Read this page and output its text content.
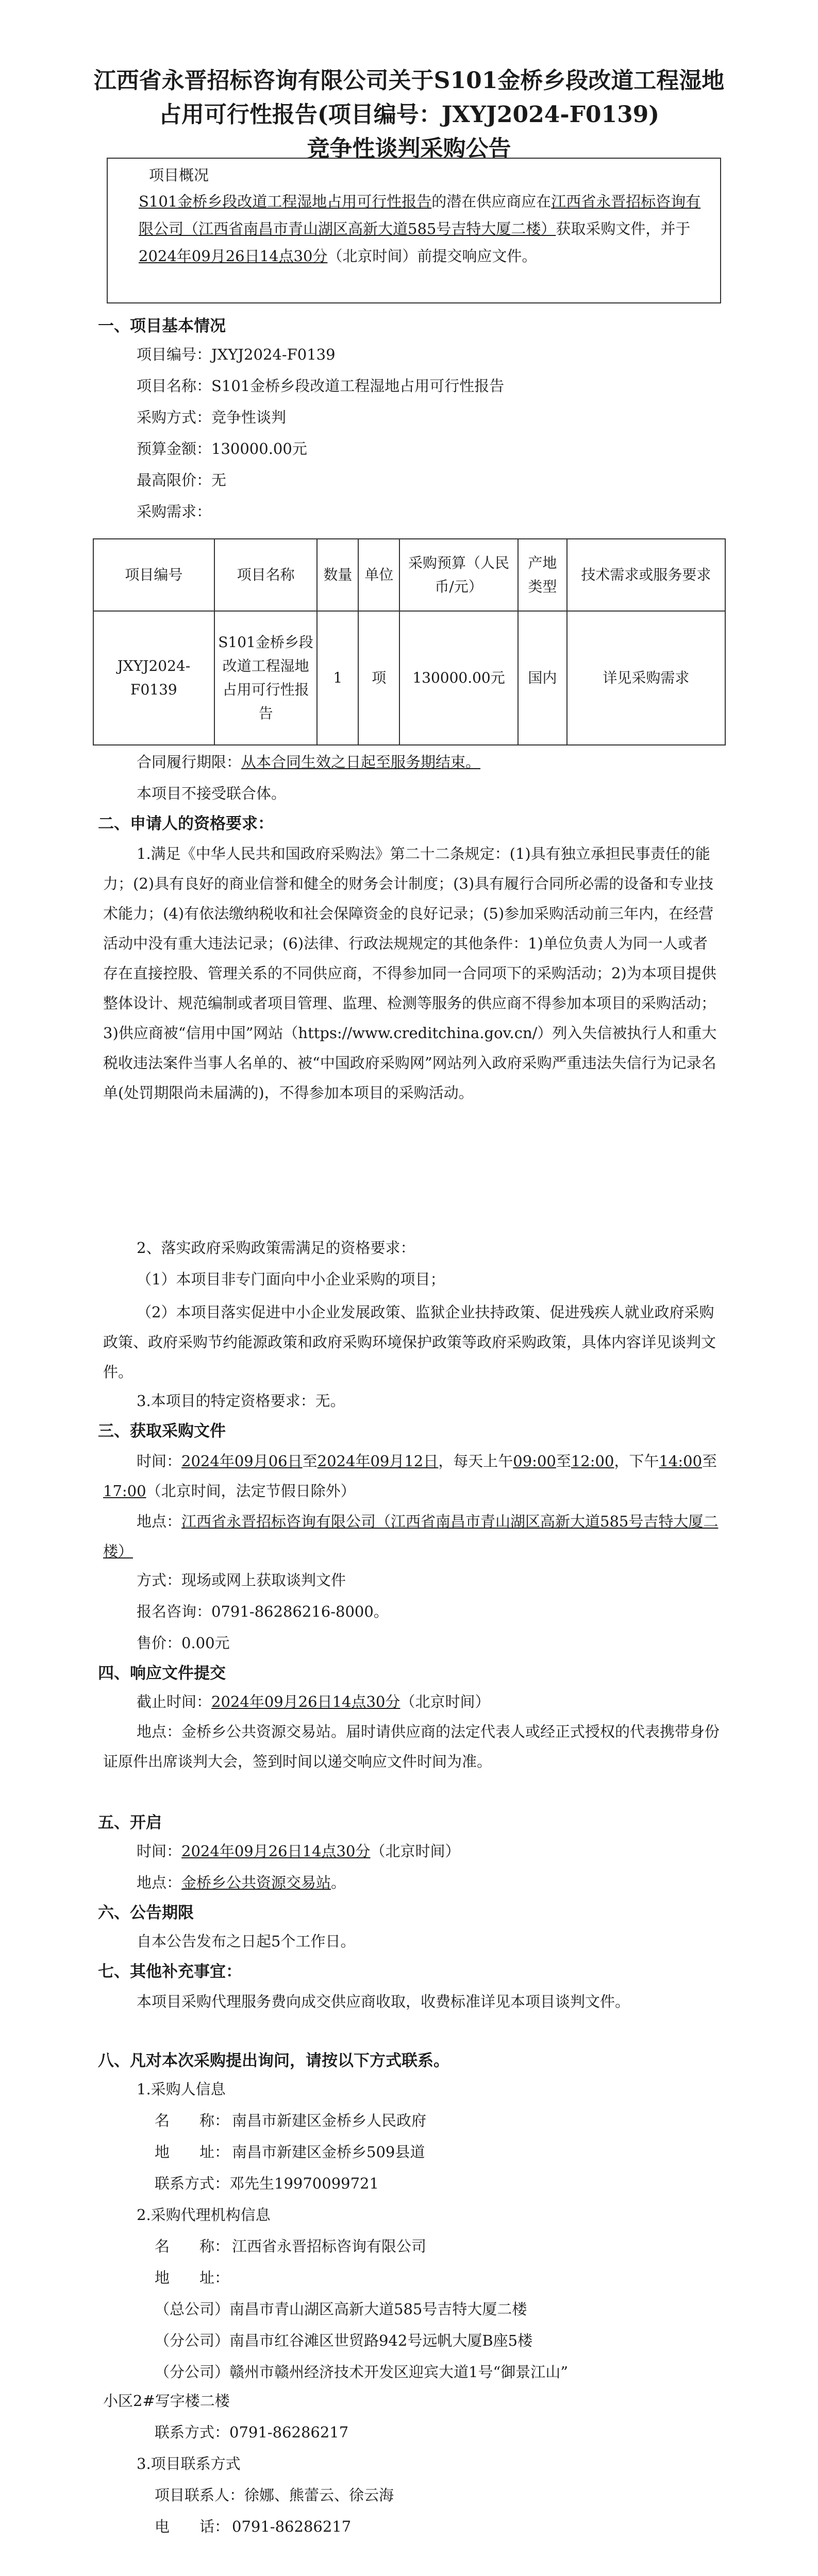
江西省永晋招标咨询有限公司关于S101金桥乡段改道工程湿地
占用可行性报告(项目编号：JXYJ2024-F0139)
竞争性谈判采购公告
项目概况
S101金桥乡段改道工程湿地占用可行性报告的潜在供应商应在江西省永晋招标咨询有限公司（江西省南昌市青山湖区高新大道585号吉特大厦二楼）获取采购文件，并于2024年09月26日14点30分（北京时间）前提交响应文件。
一、项目基本情况
项目编号：JXYJ2024-F0139
项目名称：S101金桥乡段改道工程湿地占用可行性报告
采购方式：竞争性谈判
预算金额：130000.00元
最高限价：无
采购需求：
项目编号	项目名称	数量	单位	采购预算（人民币/元）	产地类型	技术需求或服务要求
JXYJ2024-F0139	S101金桥乡段改道工程湿地占用可行性报告	1	项	130000.00元	国内	详见采购需求
合同履行期限：从本合同生效之日起至服务期结束。
本项目不接受联合体。
二、申请人的资格要求：
1.满足《中华人民共和国政府采购法》第二十二条规定：(1)具有独立承担民事责任的能力；(2)具有良好的商业信誉和健全的财务会计制度；(3)具有履行合同所必需的设备和专业技术能力；(4)有依法缴纳税收和社会保障资金的良好记录；(5)参加采购活动前三年内，在经营活动中没有重大违法记录；(6)法律、行政法规规定的其他条件：1)单位负责人为同一人或者存在直接控股、管理关系的不同供应商，不得参加同一合同项下的采购活动；2)为本项目提供整体设计、规范编制或者项目管理、监理、检测等服务的供应商不得参加本项目的采购活动；3)供应商被“信用中国”网站（https://www.creditchina.gov.cn/）列入失信被执行人和重大税收违法案件当事人名单的、被“中国政府采购网”网站列入政府采购严重违法失信行为记录名单(处罚期限尚未届满的)，不得参加本项目的采购活动。
2、落实政府采购政策需满足的资格要求：
（1）本项目非专门面向中小企业采购的项目；
（2）本项目落实促进中小企业发展政策、监狱企业扶持政策、促进残疾人就业政府采购政策、政府采购节约能源政策和政府采购环境保护政策等政府采购政策，具体内容详见谈判文件。
3.本项目的特定资格要求：无。
三、获取采购文件
时间：2024年09月06日至2024年09月12日，每天上午09:00至12:00，下午14:00至17:00（北京时间，法定节假日除外）
地点：江西省永晋招标咨询有限公司（江西省南昌市青山湖区高新大道585号吉特大厦二楼）
方式：现场或网上获取谈判文件
报名咨询：0791-86286216-8000。
售价：0.00元
四、响应文件提交
截止时间：2024年09月26日14点30分（北京时间）
地点：金桥乡公共资源交易站。届时请供应商的法定代表人或经正式授权的代表携带身份证原件出席谈判大会，签到时间以递交响应文件时间为准。
五、开启
时间：2024年09月26日14点30分（北京时间）
地点：金桥乡公共资源交易站。
六、公告期限
自本公告发布之日起5个工作日。
七、其他补充事宜：
本项目采购代理服务费向成交供应商收取，收费标准详见本项目谈判文件。
八、凡对本次采购提出询问，请按以下方式联系。
1.采购人信息
名　　称： 南昌市新建区金桥乡人民政府
地　　址： 南昌市新建区金桥乡509县道
联系方式：邓先生19970099721
2.采购代理机构信息
名　　称： 江西省永晋招标咨询有限公司
地　　址：
（总公司）南昌市青山湖区高新大道585号吉特大厦二楼
（分公司）南昌市红谷滩区世贸路942号远帆大厦B座5楼
（分公司）赣州市赣州经济技术开发区迎宾大道1号“御景江山”
小区2#写字楼二楼
联系方式：0791-86286217
3.项目联系方式
项目联系人：徐娜、熊蕾云、徐云海
电　　话： 0791-86286217
